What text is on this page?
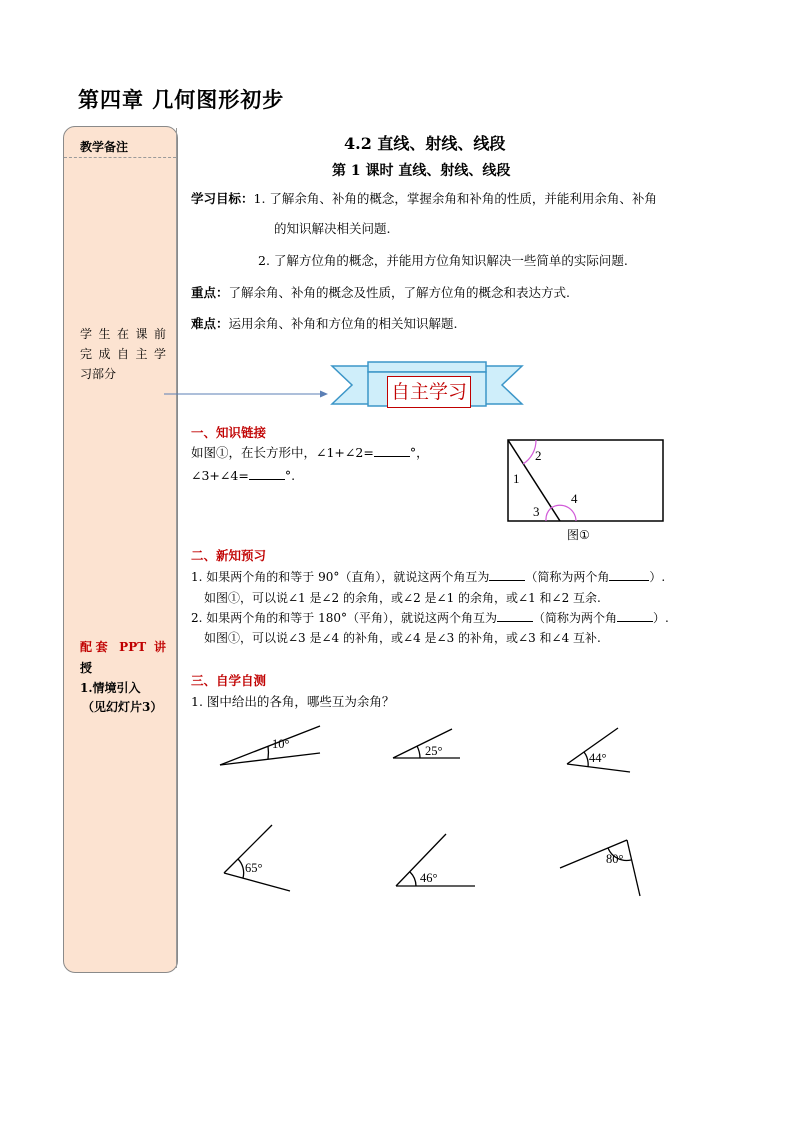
第四章 几何图形初步
教学备注
学生在课前
完成自主学
习部分
配套 PPT 讲
授
1.情境引入
（见幻灯片3）
4.2 直线、射线、线段
第 1 课时 直线、射线、线段
学习目标：1. 了解余角、补角的概念，掌握余角和补角的性质，并能利用余角、补角
的知识解决相关问题.
2. 了解方位角的概念，并能用方位角知识解决一些简单的实际问题.
重点：了解余角、补角的概念及性质，了解方位角的概念和表达方式.
难点：运用余角、补角和方位角的相关知识解题.
自主学习
一、知识链接
如图①，在长方形中，∠1+∠2=	°，
∠3+∠4=	°.
2
1
3
4
图①
二、新知预习
1. 如果两个角的和等于 90°（直角），就说这两个角互为	（简称为两个角	）.
如图①，可以说∠1 是∠2 的余角，或∠2 是∠1 的余角，或∠1 和∠2 互余.
2. 如果两个角的和等于 180°（平角），就说这两个角互为	（简称为两个角	）.
如图①，可以说∠3 是∠4 的补角，或∠4 是∠3 的补角，或∠3 和∠4 互补.
三、自学自测
1. 图中给出的各角，哪些互为余角？
10°	25°	44°
65°
46°
80°
